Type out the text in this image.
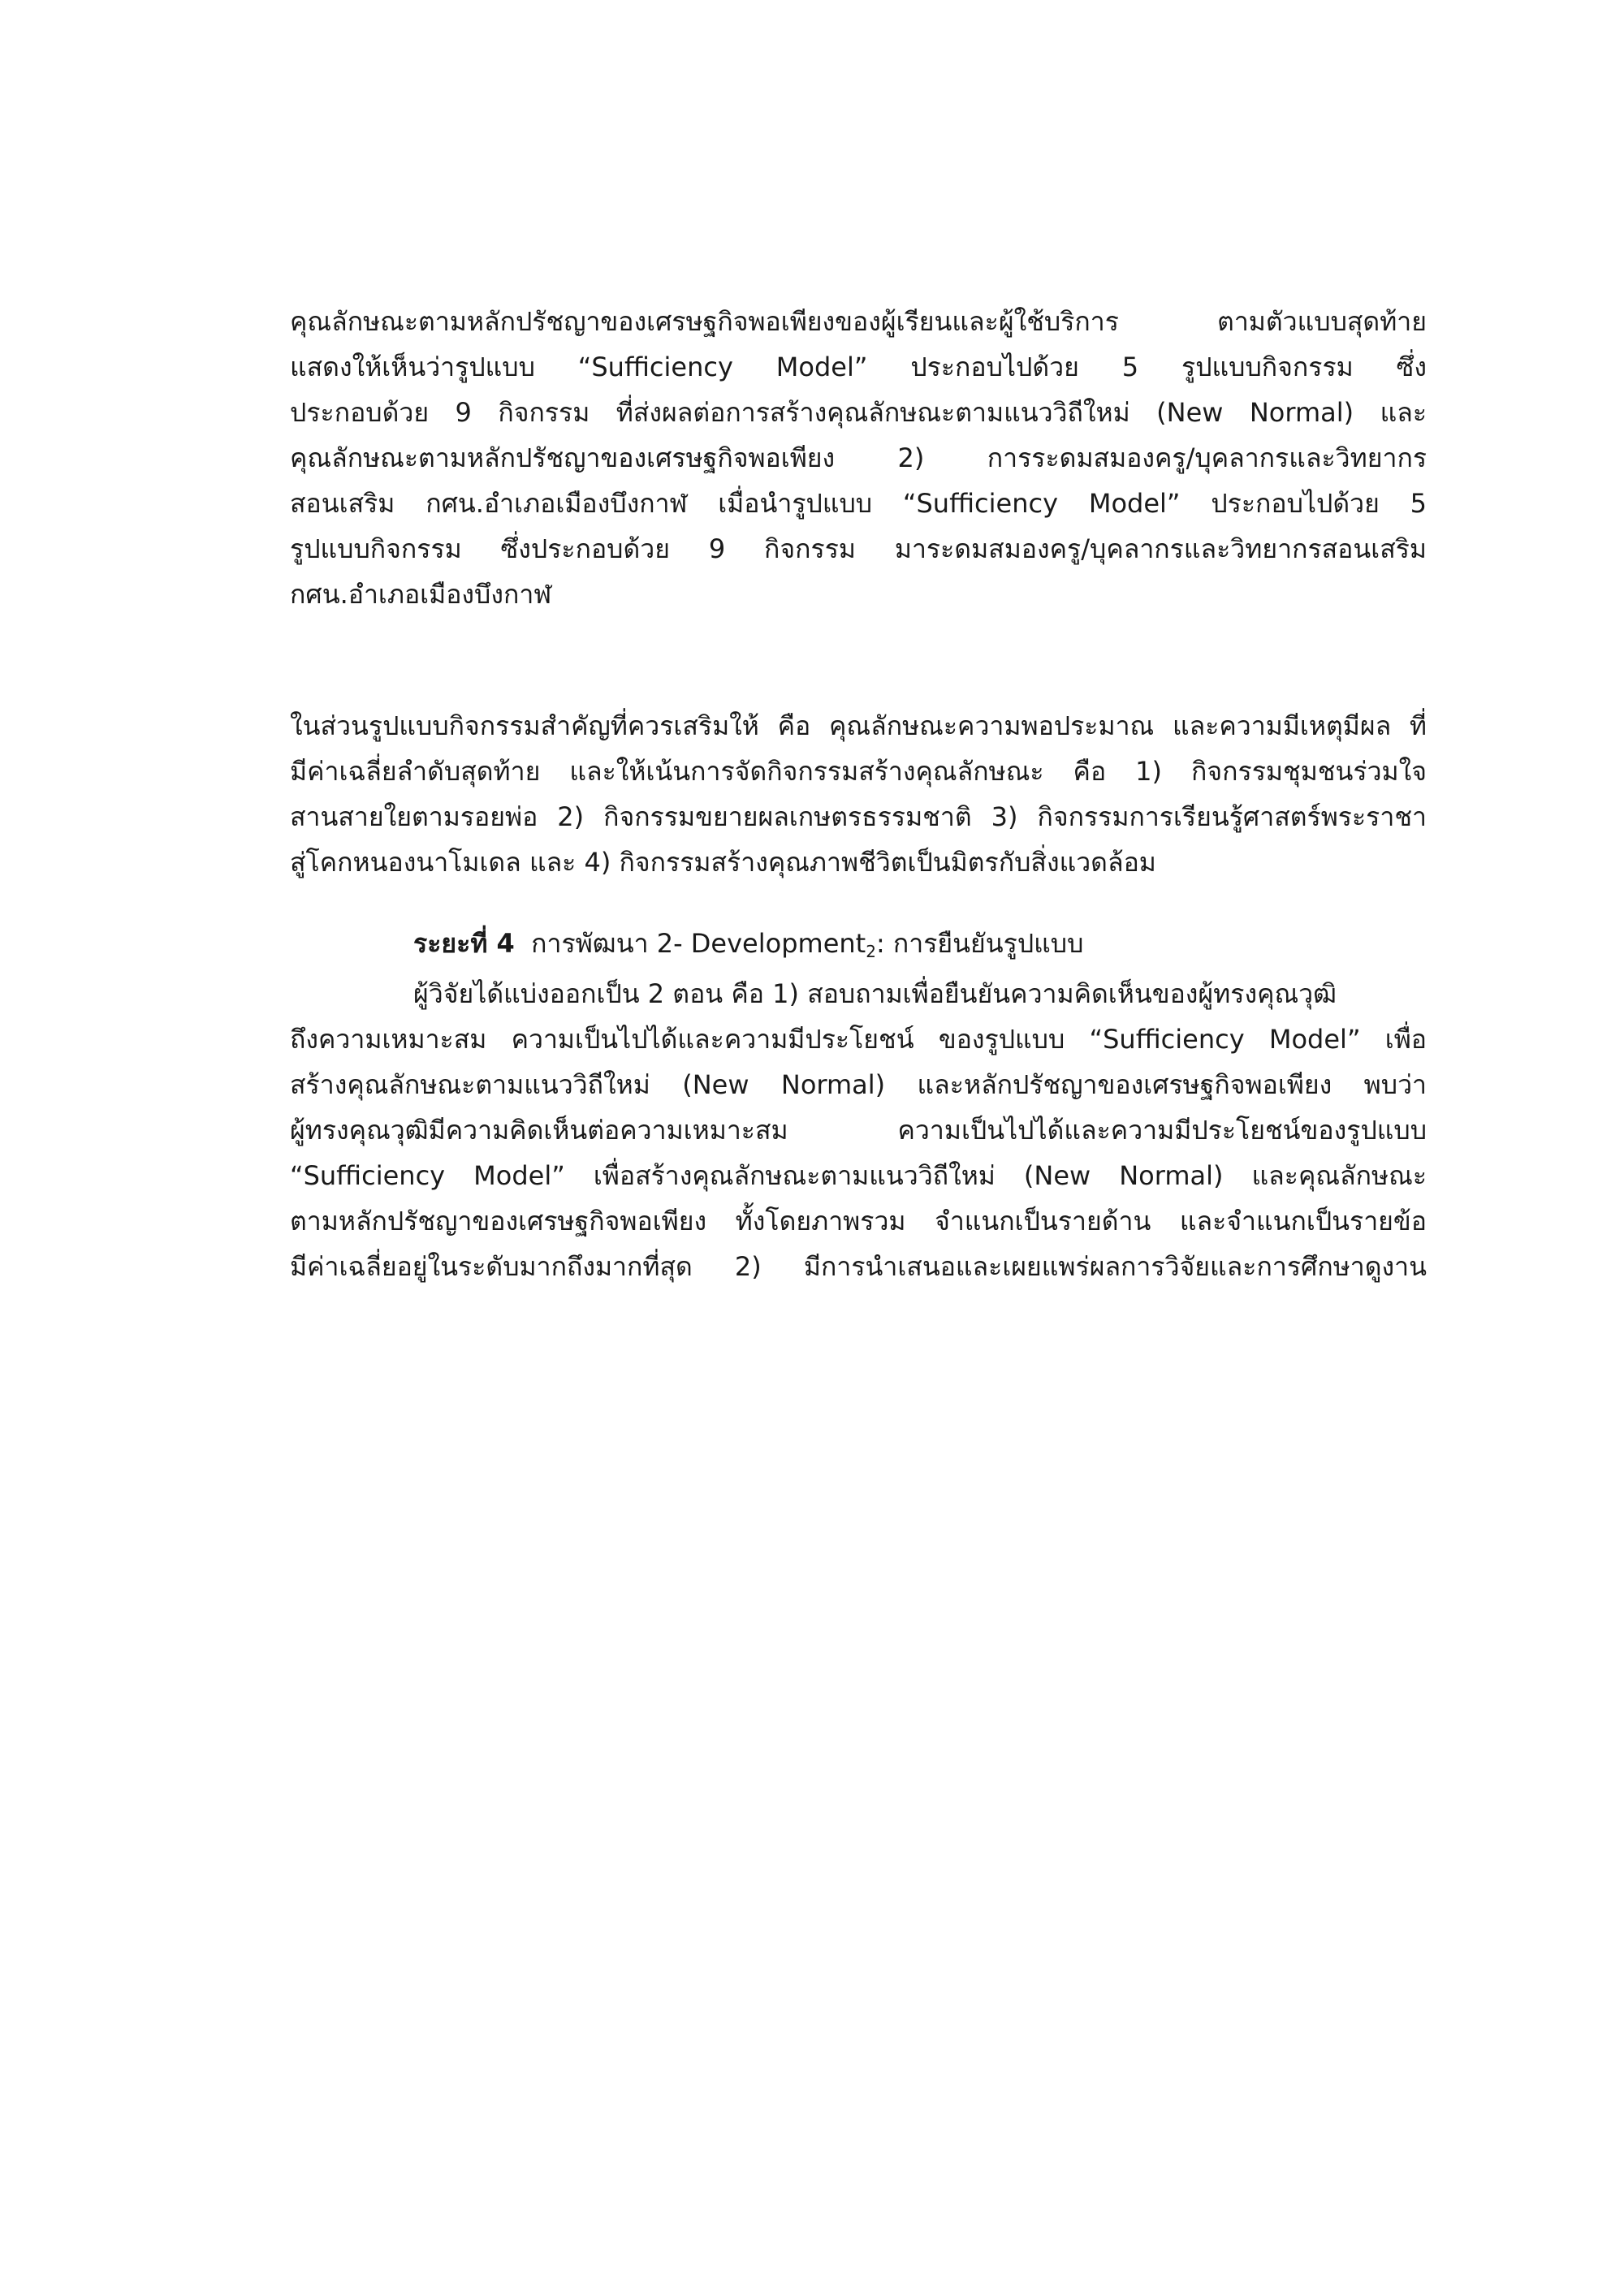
คุณลักษณะตามหลักปรัชญาของเศรษฐกิจพอเพียงของผู้เรียนและผู้ใช้บริการ ตามตัวแบบสุดท้าย
แสดงให้เห็นว่ารูปแบบ “Sufficiency Model” ประกอบไปด้วย 5 รูปแบบกิจกรรม ซึ่ง
ประกอบด้วย 9 กิจกรรม ที่ส่งผลต่อการสร้างคุณลักษณะตามแนววิถีใหม่ (New Normal) และ
คุณลักษณะตามหลักปรัชญาของเศรษฐกิจพอเพียง 2) การระดมสมองครู/บุคลากรและวิทยากร
สอนเสริม กศน.อำเภอเมืองบึงกาฬ เมื่อนำรูปแบบ “Sufficiency Model” ประกอบไปด้วย 5
รูปแบบกิจกรรม ซึ่งประกอบด้วย 9 กิจกรรม มาระดมสมองครู/บุคลากรและวิทยากรสอนเสริม
กศน.อำเภอเมืองบึงกาฬ
ในส่วนรูปแบบกิจกรรมสำคัญที่ควรเสริมให้ คือ คุณลักษณะความพอประมาณ และความมีเหตุมีผล ที่
มีค่าเฉลี่ยลำดับสุดท้าย และให้เน้นการจัดกิจกรรมสร้างคุณลักษณะ คือ 1) กิจกรรมชุมชนร่วมใจ
สานสายใยตามรอยพ่อ 2) กิจกรรมขยายผลเกษตรธรรมชาติ 3) กิจกรรมการเรียนรู้ศาสตร์พระราชา
สู่โคกหนองนาโมเดล และ 4) กิจกรรมสร้างคุณภาพชีวิตเป็นมิตรกับสิ่งแวดล้อม
ระยะที่ 4 การพัฒนา 2- Development$_2$: การยืนยันรูปแบบ
ผู้วิจัยได้แบ่งออกเป็น 2 ตอน คือ 1) สอบถามเพื่อยืนยันความคิดเห็นของผู้ทรงคุณวุฒิ
ถึงความเหมาะสม ความเป็นไปได้และความมีประโยชน์ ของรูปแบบ “Sufficiency Model” เพื่อ
สร้างคุณลักษณะตามแนววิถีใหม่ (New Normal) และหลักปรัชญาของเศรษฐกิจพอเพียง พบว่า
ผู้ทรงคุณวุฒิมีความคิดเห็นต่อความเหมาะสม ความเป็นไปได้และความมีประโยชน์ของรูปแบบ
“Sufficiency Model” เพื่อสร้างคุณลักษณะตามแนววิถีใหม่ (New Normal) และคุณลักษณะ
ตามหลักปรัชญาของเศรษฐกิจพอเพียง ทั้งโดยภาพรวม จำแนกเป็นรายด้าน และจำแนกเป็นรายข้อ
มีค่าเฉลี่ยอยู่ในระดับมากถึงมากที่สุด 2) มีการนำเสนอและเผยแพร่ผลการวิจัยและการศึกษาดูงาน
